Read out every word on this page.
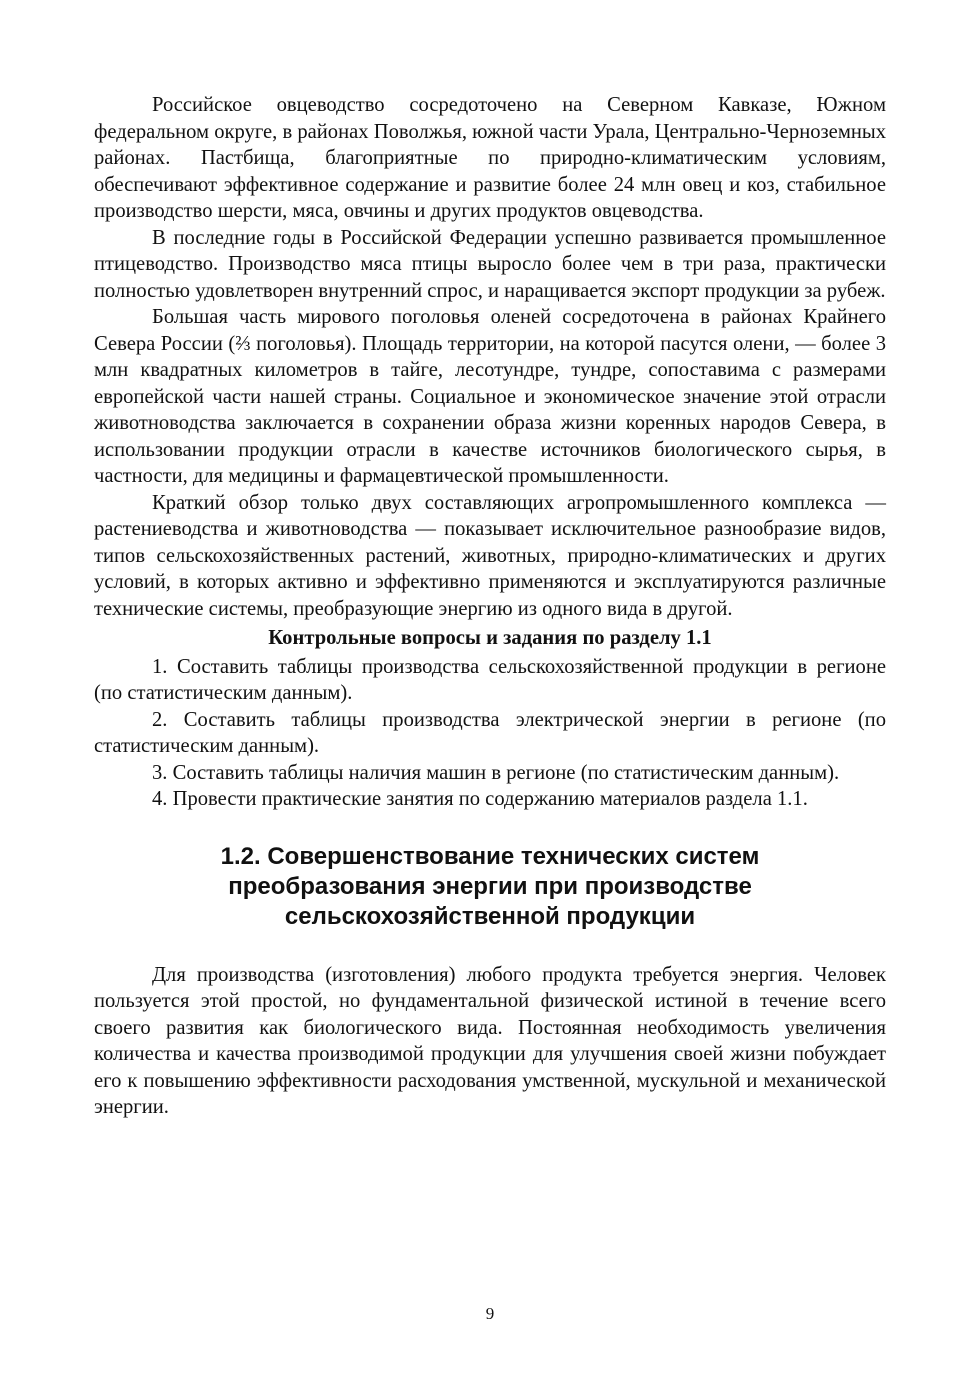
Российское овцеводство сосредоточено на Северном Кавказе, Южном федеральном округе, в районах Поволжья, южной части Урала, Центрально-Черноземных районах. Пастбища, благоприятные по природно-климатическим условиям, обеспечивают эффективное содержание и развитие более 24 млн овец и коз, стабильное производство шерсти, мяса, овчины и других продуктов овцеводства.

В последние годы в Российской Федерации успешно развивается промышленное птицеводство. Производство мяса птицы выросло более чем в три раза, практически полностью удовлетворен внутренний спрос, и наращивается экспорт продукции за рубеж.

Большая часть мирового поголовья оленей сосредоточена в районах Крайнего Севера России (⅔ поголовья). Площадь территории, на которой пасутся олени, — более 3 млн квадратных километров в тайге, лесотундре, тундре, сопоставима с размерами европейской части нашей страны. Социальное и экономическое значение этой отрасли животноводства заключается в сохранении образа жизни коренных народов Севера, в использовании продукции отрасли в качестве источников биологического сырья, в частности, для медицины и фармацевтической промышленности.

Краткий обзор только двух составляющих агропромышленного комплекса — растениеводства и животноводства — показывает исключительное разнообразие видов, типов сельскохозяйственных растений, животных, природно-климатических и других условий, в которых активно и эффективно применяются и эксплуатируются различные технические системы, преобразующие энергию из одного вида в другой.

Контрольные вопросы и задания по разделу 1.1

1. Составить таблицы производства сельскохозяйственной продукции в регионе (по статистическим данным).

2. Составить таблицы производства электрической энергии в регионе (по статистическим данным).

3. Составить таблицы наличия машин в регионе (по статистическим данным).

4. Провести практические занятия по содержанию материалов раздела 1.1.

1.2. Совершенствование технических систем
преобразования энергии при производстве
сельскохозяйственной продукции

Для производства (изготовления) любого продукта требуется энергия. Человек пользуется этой простой, но фундаментальной физической истиной в течение всего своего развития как биологического вида. Постоянная необходимость увеличения количества и качества производимой продукции для улучшения своей жизни побуждает его к повышению эффективности расходования умственной, мускульной и механической энергии.

9
